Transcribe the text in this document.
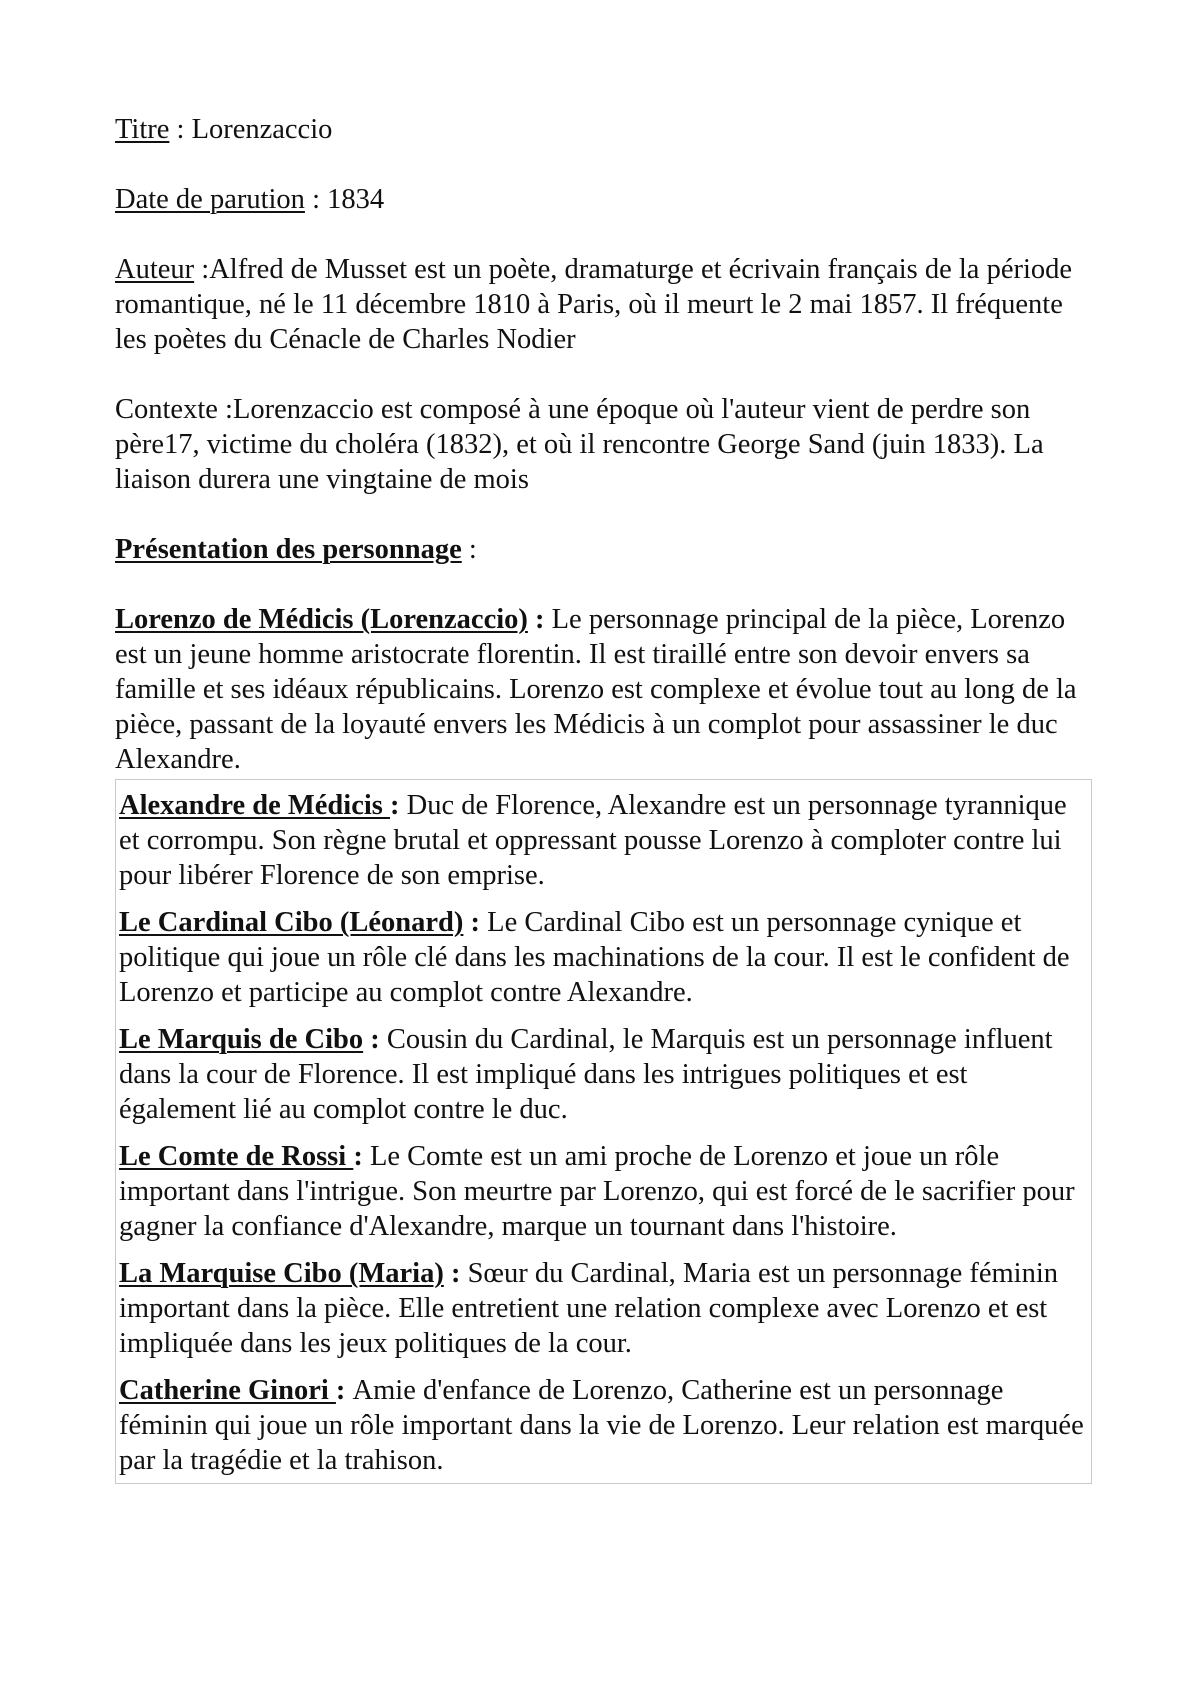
Titre : Lorenzaccio

Date de parution : 1834

Auteur :Alfred de Musset est un poète, dramaturge et écrivain français de la période romantique, né le 11 décembre 1810 à Paris, où il meurt le 2 mai 1857. Il fréquente les poètes du Cénacle de Charles Nodier

Contexte :Lorenzaccio est composé à une époque où l'auteur vient de perdre son père17, victime du choléra (1832), et où il rencontre George Sand (juin 1833). La liaison durera une vingtaine de mois

Présentation des personnage :

Lorenzo de Médicis (Lorenzaccio) : Le personnage principal de la pièce, Lorenzo est un jeune homme aristocrate florentin. Il est tiraillé entre son devoir envers sa famille et ses idéaux républicains. Lorenzo est complexe et évolue tout au long de la pièce, passant de la loyauté envers les Médicis à un complot pour assassiner le duc Alexandre.

Alexandre de Médicis : Duc de Florence, Alexandre est un personnage tyrannique et corrompu. Son règne brutal et oppressant pousse Lorenzo à comploter contre lui pour libérer Florence de son emprise.

Le Cardinal Cibo (Léonard) : Le Cardinal Cibo est un personnage cynique et politique qui joue un rôle clé dans les machinations de la cour. Il est le confident de Lorenzo et participe au complot contre Alexandre.

Le Marquis de Cibo : Cousin du Cardinal, le Marquis est un personnage influent dans la cour de Florence. Il est impliqué dans les intrigues politiques et est également lié au complot contre le duc.

Le Comte de Rossi : Le Comte est un ami proche de Lorenzo et joue un rôle important dans l'intrigue. Son meurtre par Lorenzo, qui est forcé de le sacrifier pour gagner la confiance d'Alexandre, marque un tournant dans l'histoire.

La Marquise Cibo (Maria) : Sœur du Cardinal, Maria est un personnage féminin important dans la pièce. Elle entretient une relation complexe avec Lorenzo et est impliquée dans les jeux politiques de la cour.

Catherine Ginori : Amie d'enfance de Lorenzo, Catherine est un personnage féminin qui joue un rôle important dans la vie de Lorenzo. Leur relation est marquée par la tragédie et la trahison.
